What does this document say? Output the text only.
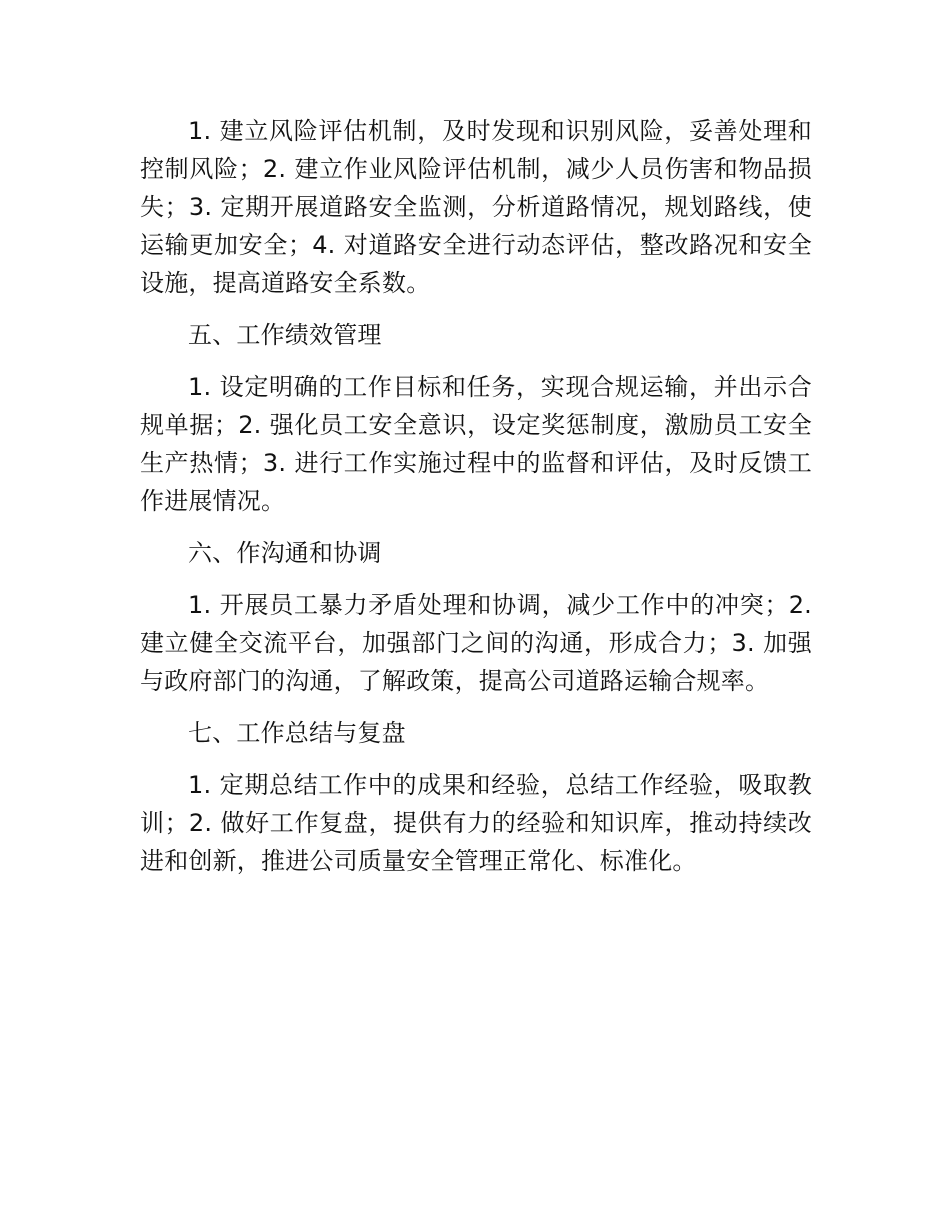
1. 建立风险评估机制，及时发现和识别风险，妥善处理和控制风险；2. 建立作业风险评估机制，减少人员伤害和物品损失；3. 定期开展道路安全监测，分析道路情况，规划路线，使运输更加安全；4. 对道路安全进行动态评估，整改路况和安全设施，提高道路安全系数。

五、工作绩效管理

1. 设定明确的工作目标和任务，实现合规运输，并出示合规单据；2. 强化员工安全意识，设定奖惩制度，激励员工安全生产热情；3. 进行工作实施过程中的监督和评估，及时反馈工作进展情况。

六、作沟通和协调

1. 开展员工暴力矛盾处理和协调，减少工作中的冲突；2. 建立健全交流平台，加强部门之间的沟通，形成合力；3. 加强与政府部门的沟通，了解政策，提高公司道路运输合规率。

七、工作总结与复盘

1. 定期总结工作中的成果和经验，总结工作经验，吸取教训；2. 做好工作复盘，提供有力的经验和知识库，推动持续改进和创新，推进公司质量安全管理正常化、标准化。
